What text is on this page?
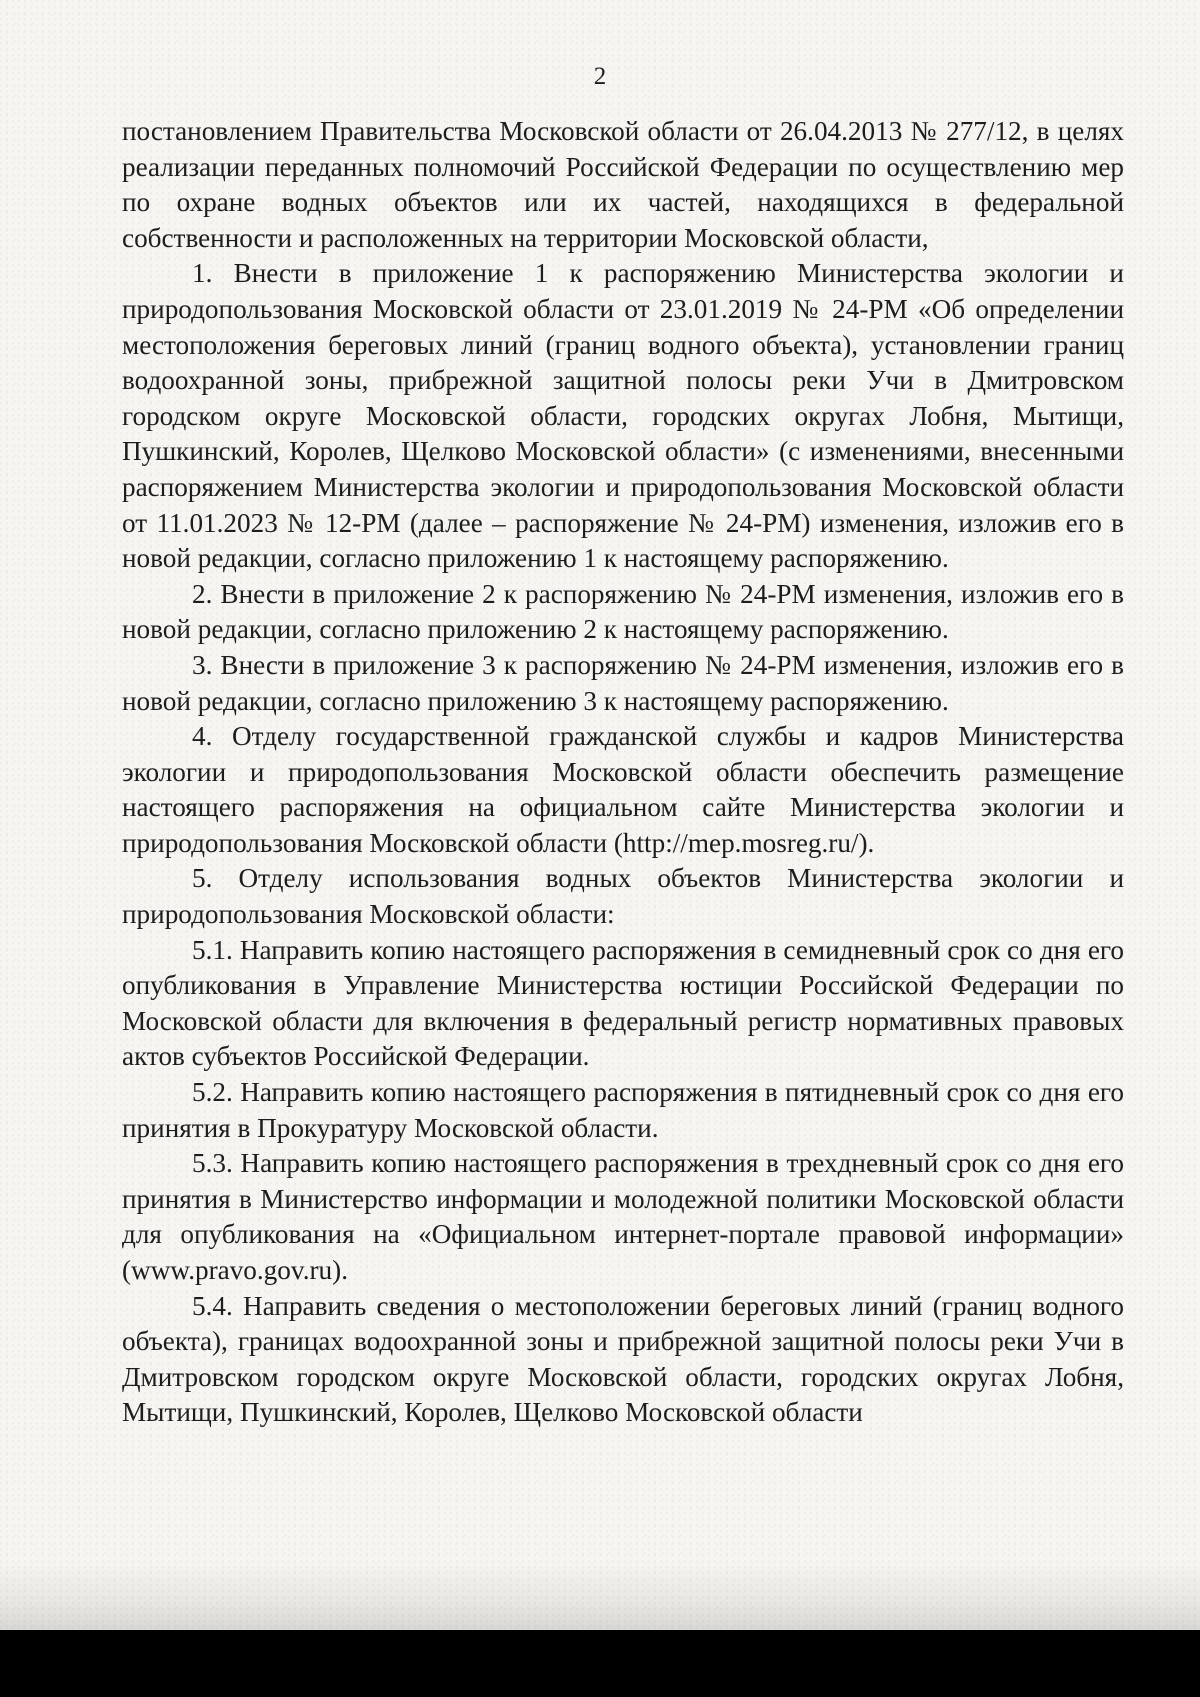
2

постановлением Правительства Московской области от 26.04.2013 № 277/12, в целях реализации переданных полномочий Российской Федерации по осуществлению мер по охране водных объектов или их частей, находящихся в федеральной собственности и расположенных на территории Московской области,

1. Внести в приложение 1 к распоряжению Министерства экологии и природопользования Московской области от 23.01.2019 № 24-РМ «Об определении местоположения береговых линий (границ водного объекта), установлении границ водоохранной зоны, прибрежной защитной полосы реки Учи в Дмитровском городском округе Московской области, городских округах Лобня, Мытищи, Пушкинский, Королев, Щелково Московской области» (с изменениями, внесенными распоряжением Министерства экологии и природопользования Московской области от 11.01.2023 № 12-РМ (далее – распоряжение № 24-РМ) изменения, изложив его в новой редакции, согласно приложению 1 к настоящему распоряжению.

2. Внести в приложение 2 к распоряжению № 24-РМ изменения, изложив его в новой редакции, согласно приложению 2 к настоящему распоряжению.

3. Внести в приложение 3 к распоряжению № 24-РМ изменения, изложив его в новой редакции, согласно приложению 3 к настоящему распоряжению.

4. Отделу государственной гражданской службы и кадров Министерства экологии и природопользования Московской области обеспечить размещение настоящего распоряжения на официальном сайте Министерства экологии и природопользования Московской области (http://mep.mosreg.ru/).

5. Отделу использования водных объектов Министерства экологии и природопользования Московской области:

5.1. Направить копию настоящего распоряжения в семидневный срок со дня его опубликования в Управление Министерства юстиции Российской Федерации по Московской области для включения в федеральный регистр нормативных правовых актов субъектов Российской Федерации.

5.2. Направить копию настоящего распоряжения в пятидневный срок со дня его принятия в Прокуратуру Московской области.

5.3. Направить копию настоящего распоряжения в трехдневный срок со дня его принятия в Министерство информации и молодежной политики Московской области для опубликования на «Официальном интернет-портале правовой информации» (www.pravo.gov.ru).

5.4. Направить сведения о местоположении береговых линий (границ водного объекта), границах водоохранной зоны и прибрежной защитной полосы реки Учи в Дмитровском городском округе Московской области, городских округах Лобня, Мытищи, Пушкинский, Королев, Щелково Московской области
